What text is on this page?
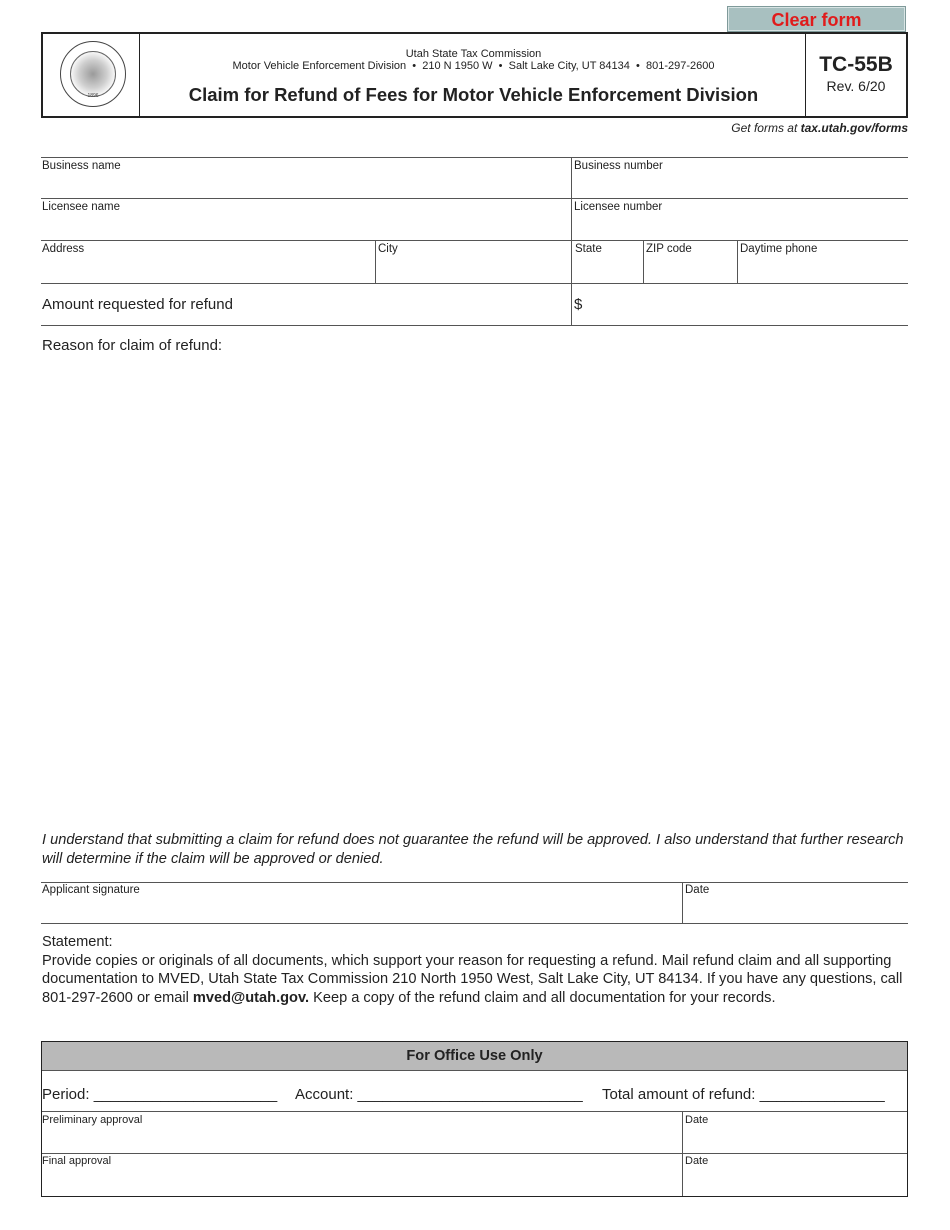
Clear form
1896
Utah State Tax Commission
Motor Vehicle Enforcement Division  •  210 N 1950 W  •  Salt Lake City, UT 84134  •  801-297-2600
Claim for Refund of Fees for Motor Vehicle Enforcement Division
TC-55B
Rev. 6/20
Get forms at tax.utah.gov/forms
Business name	Business number
Licensee name	Licensee number
Address	City	State	ZIP code	Daytime phone
Amount requested for refund	$
Reason for claim of refund:
I understand that submitting a claim for refund does not guarantee the refund will be approved. I also understand that further research will determine if the claim will be approved or denied.
Applicant signature	Date
Statement:
Provide copies or originals of all documents, which support your reason for requesting a refund. Mail refund claim and all supporting documentation to MVED, Utah State Tax Commission 210 North 1950 West, Salt Lake City, UT 84134. If you have any questions, call 801-297-2600 or email mved@utah.gov. Keep a copy of the refund claim and all documentation for your records.
For Office Use Only
Period: ______________________ Account: ___________________________ Total amount of refund: _______________
Preliminary approval	Date
Final approval	Date
